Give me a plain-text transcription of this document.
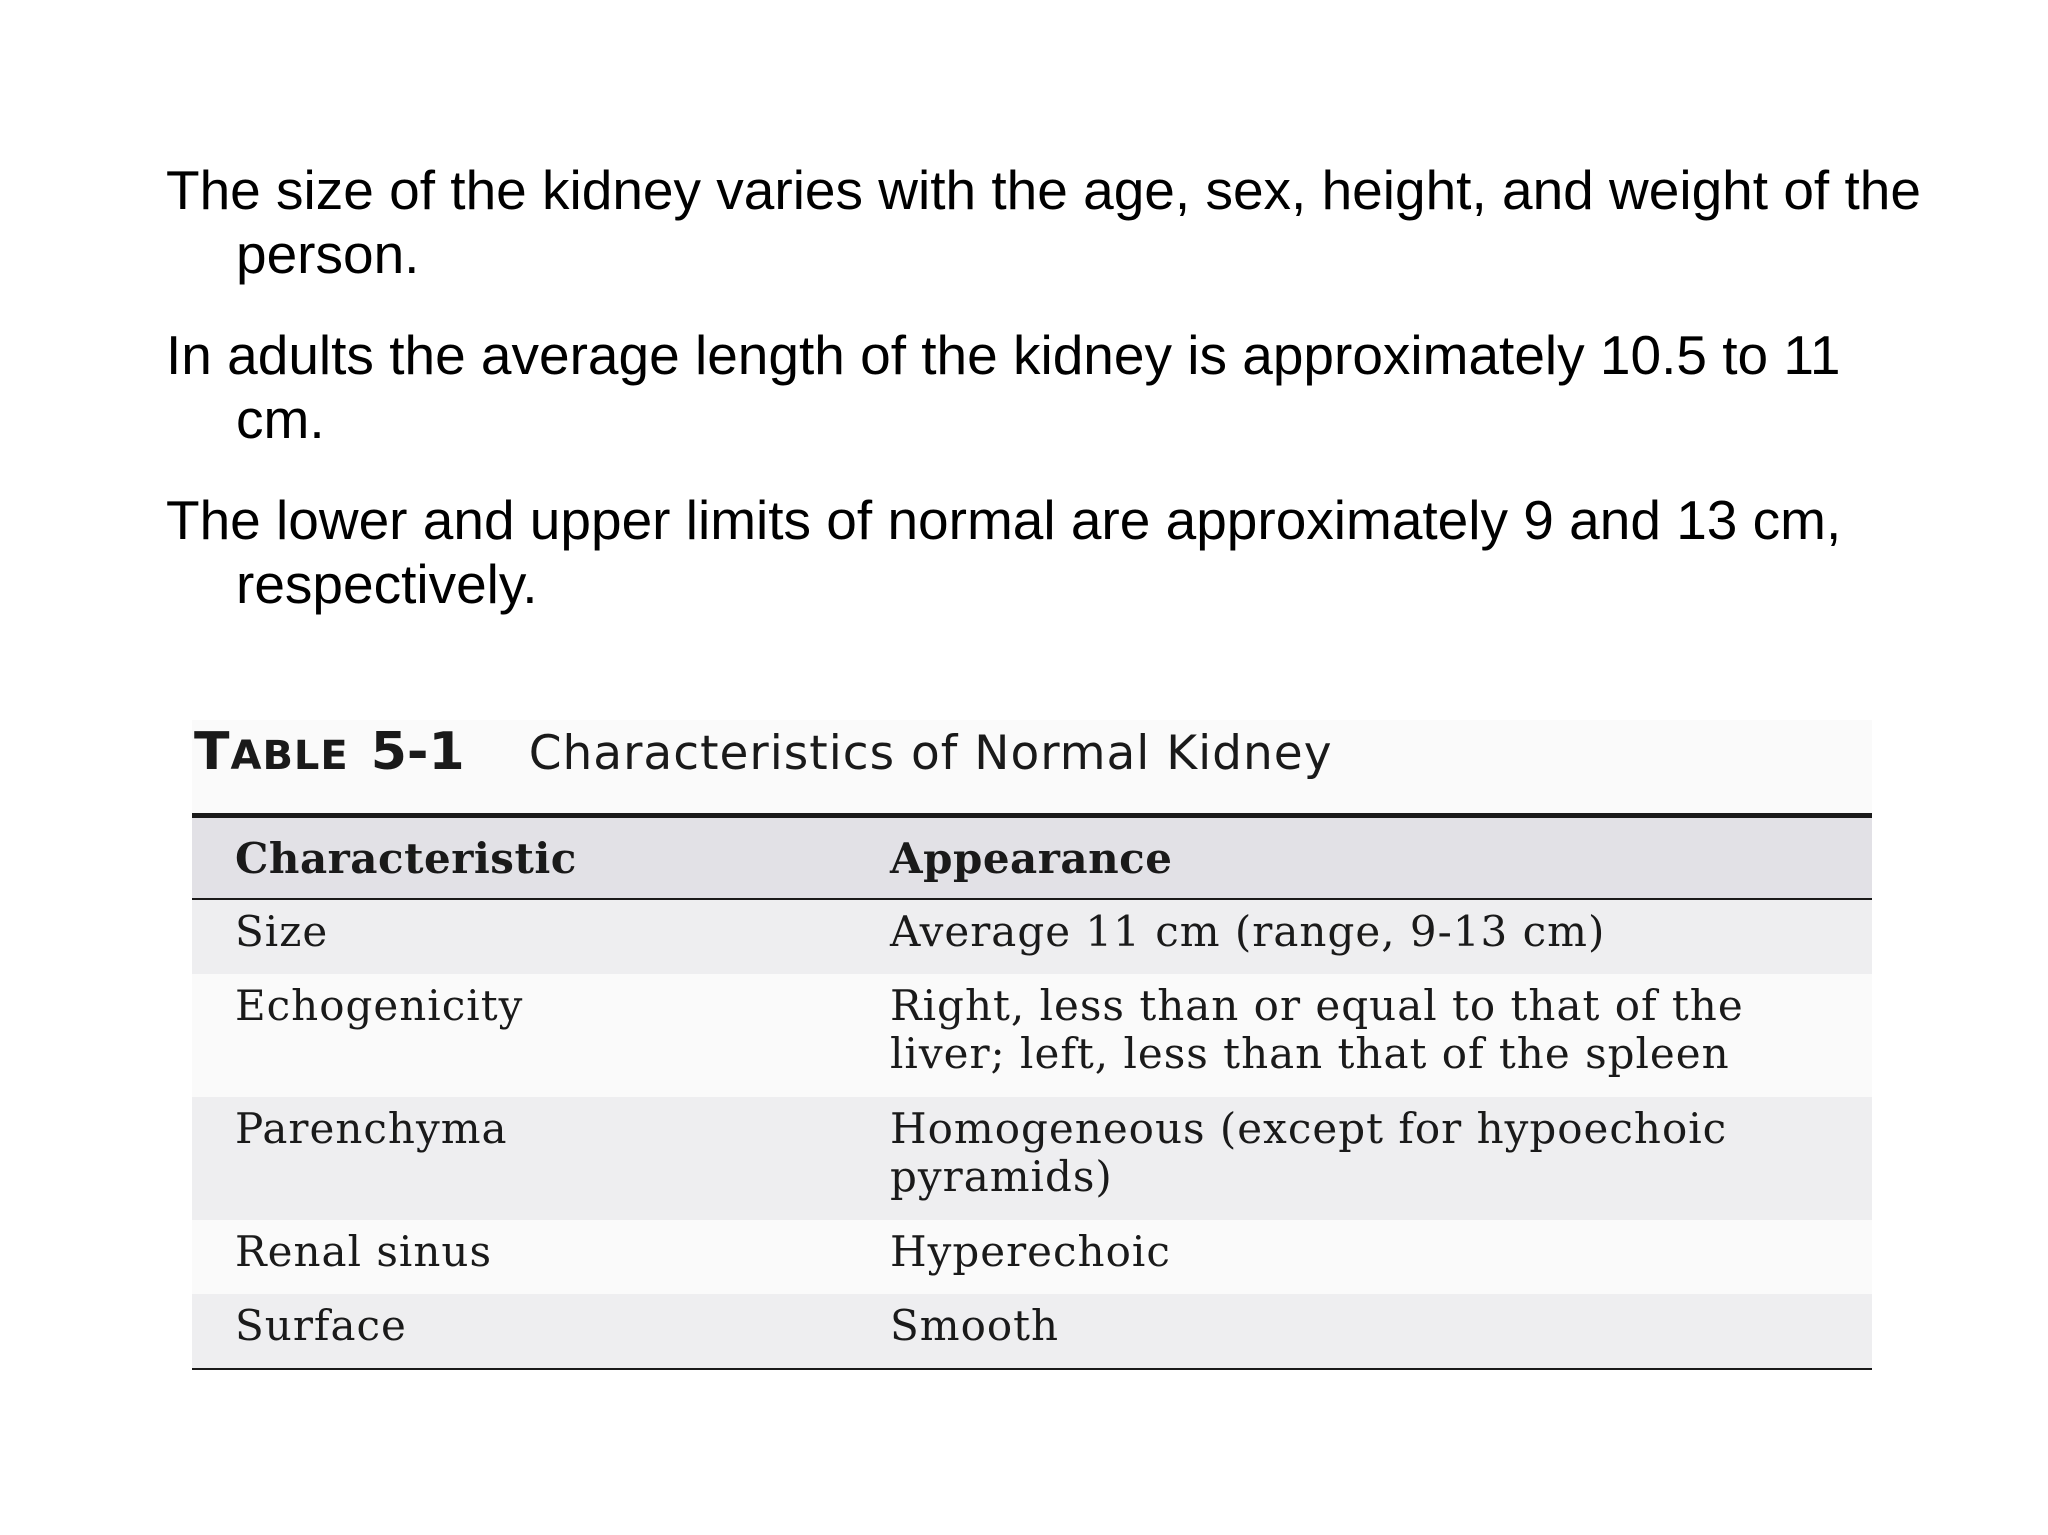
The size of the kidney varies with the age, sex, height, and weight of the person.

In adults the average length of the kidney is approximately 10.5 to 11 cm.

The lower and upper limits of normal are approximately 9 and 13 cm, respectively.

TABLE 5-1 Characteristics of Normal Kidney
Characteristic	Appearance
Size	Average 11 cm (range, 9-13 cm)
Echogenicity	Right, less than or equal to that of the
liver; left, less than that of the spleen

Parenchyma	Homogeneous (except for hypoechoic
pyramids)

Renal sinus	Hyperechoic
Surface	Smooth
